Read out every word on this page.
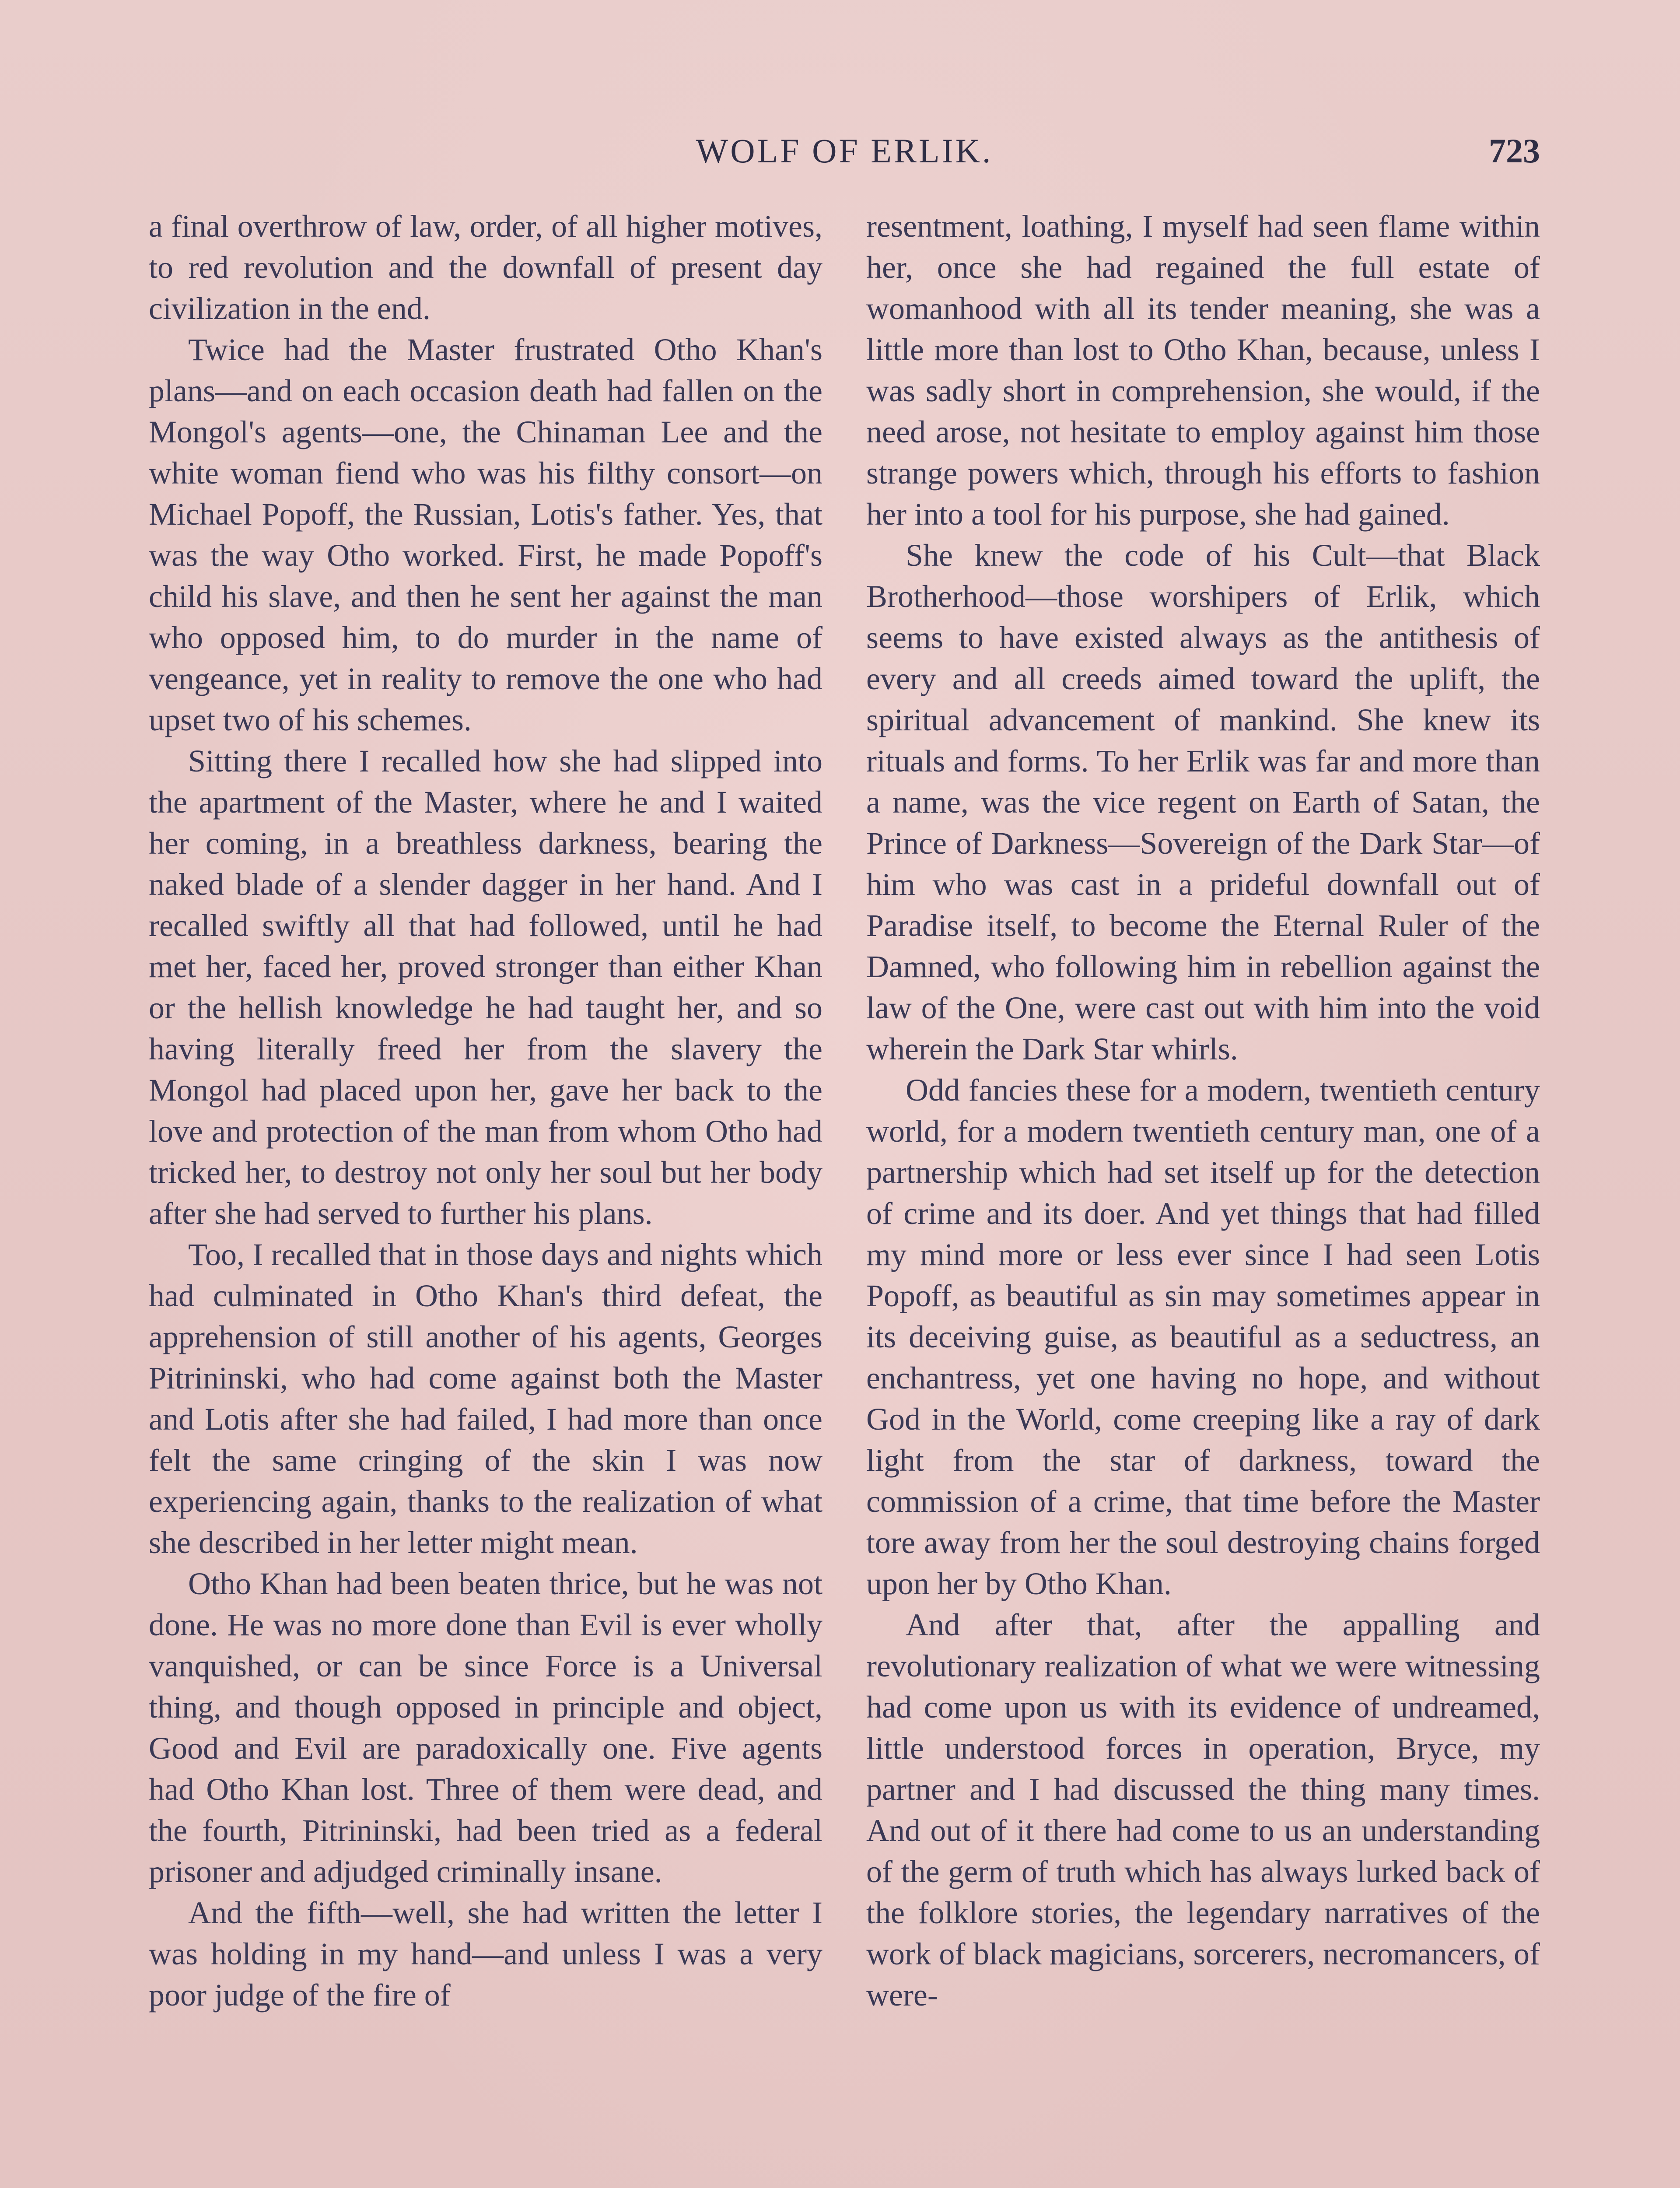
WOLF OF ERLIK.	723

a final overthrow of law, order, of all higher motives, to red revolution and the downfall of present day civilization in the end.

Twice had the Master frustrated Otho Khan's plans—and on each occasion death had fallen on the Mongol's agents—one, the Chinaman Lee and the white woman fiend who was his filthy consort—on Michael Popoff, the Russian, Lotis's father. Yes, that was the way Otho worked. First, he made Popoff's child his slave, and then he sent her against the man who opposed him, to do murder in the name of vengeance, yet in reality to remove the one who had upset two of his schemes.

Sitting there I recalled how she had slipped into the apartment of the Master, where he and I waited her coming, in a breathless darkness, bearing the naked blade of a slender dagger in her hand. And I recalled swiftly all that had followed, until he had met her, faced her, proved stronger than either Khan or the hellish knowledge he had taught her, and so having literally freed her from the slavery the Mongol had placed upon her, gave her back to the love and protection of the man from whom Otho had tricked her, to destroy not only her soul but her body after she had served to further his plans.

Too, I recalled that in those days and nights which had culminated in Otho Khan's third defeat, the apprehension of still another of his agents, Georges Pitrininski, who had come against both the Master and Lotis after she had failed, I had more than once felt the same cringing of the skin I was now experiencing again, thanks to the realization of what she described in her letter might mean.

Otho Khan had been beaten thrice, but he was not done. He was no more done than Evil is ever wholly vanquished, or can be since Force is a Universal thing, and though opposed in principle and object, Good and Evil are paradoxically one. Five agents had Otho Khan lost. Three of them were dead, and the fourth, Pitrininski, had been tried as a federal prisoner and adjudged criminally insane.

And the fifth—well, she had written the letter I was holding in my hand—and unless I was a very poor judge of the fire of

resentment, loathing, I myself had seen flame within her, once she had regained the full estate of womanhood with all its tender meaning, she was a little more than lost to Otho Khan, because, unless I was sadly short in comprehension, she would, if the need arose, not hesitate to employ against him those strange powers which, through his efforts to fashion her into a tool for his purpose, she had gained.

She knew the code of his Cult—that Black Brotherhood—those worshipers of Erlik, which seems to have existed always as the antithesis of every and all creeds aimed toward the uplift, the spiritual advancement of mankind. She knew its rituals and forms. To her Erlik was far and more than a name, was the vice regent on Earth of Satan, the Prince of Darkness—Sovereign of the Dark Star—of him who was cast in a prideful downfall out of Paradise itself, to become the Eternal Ruler of the Damned, who following him in rebellion against the law of the One, were cast out with him into the void wherein the Dark Star whirls.

Odd fancies these for a modern, twentieth century world, for a modern twentieth century man, one of a partnership which had set itself up for the detection of crime and its doer. And yet things that had filled my mind more or less ever since I had seen Lotis Popoff, as beautiful as sin may sometimes appear in its deceiving guise, as beautiful as a seductress, an enchantress, yet one having no hope, and without God in the World, come creeping like a ray of dark light from the star of darkness, toward the commission of a crime, that time before the Master tore away from her the soul destroying chains forged upon her by Otho Khan.

And after that, after the appalling and revolutionary realization of what we were witnessing had come upon us with its evidence of undreamed, little understood forces in operation, Bryce, my partner and I had discussed the thing many times. And out of it there had come to us an understanding of the germ of truth which has always lurked back of the folklore stories, the legendary narratives of the work of black magicians, sorcerers, necromancers, of were-
